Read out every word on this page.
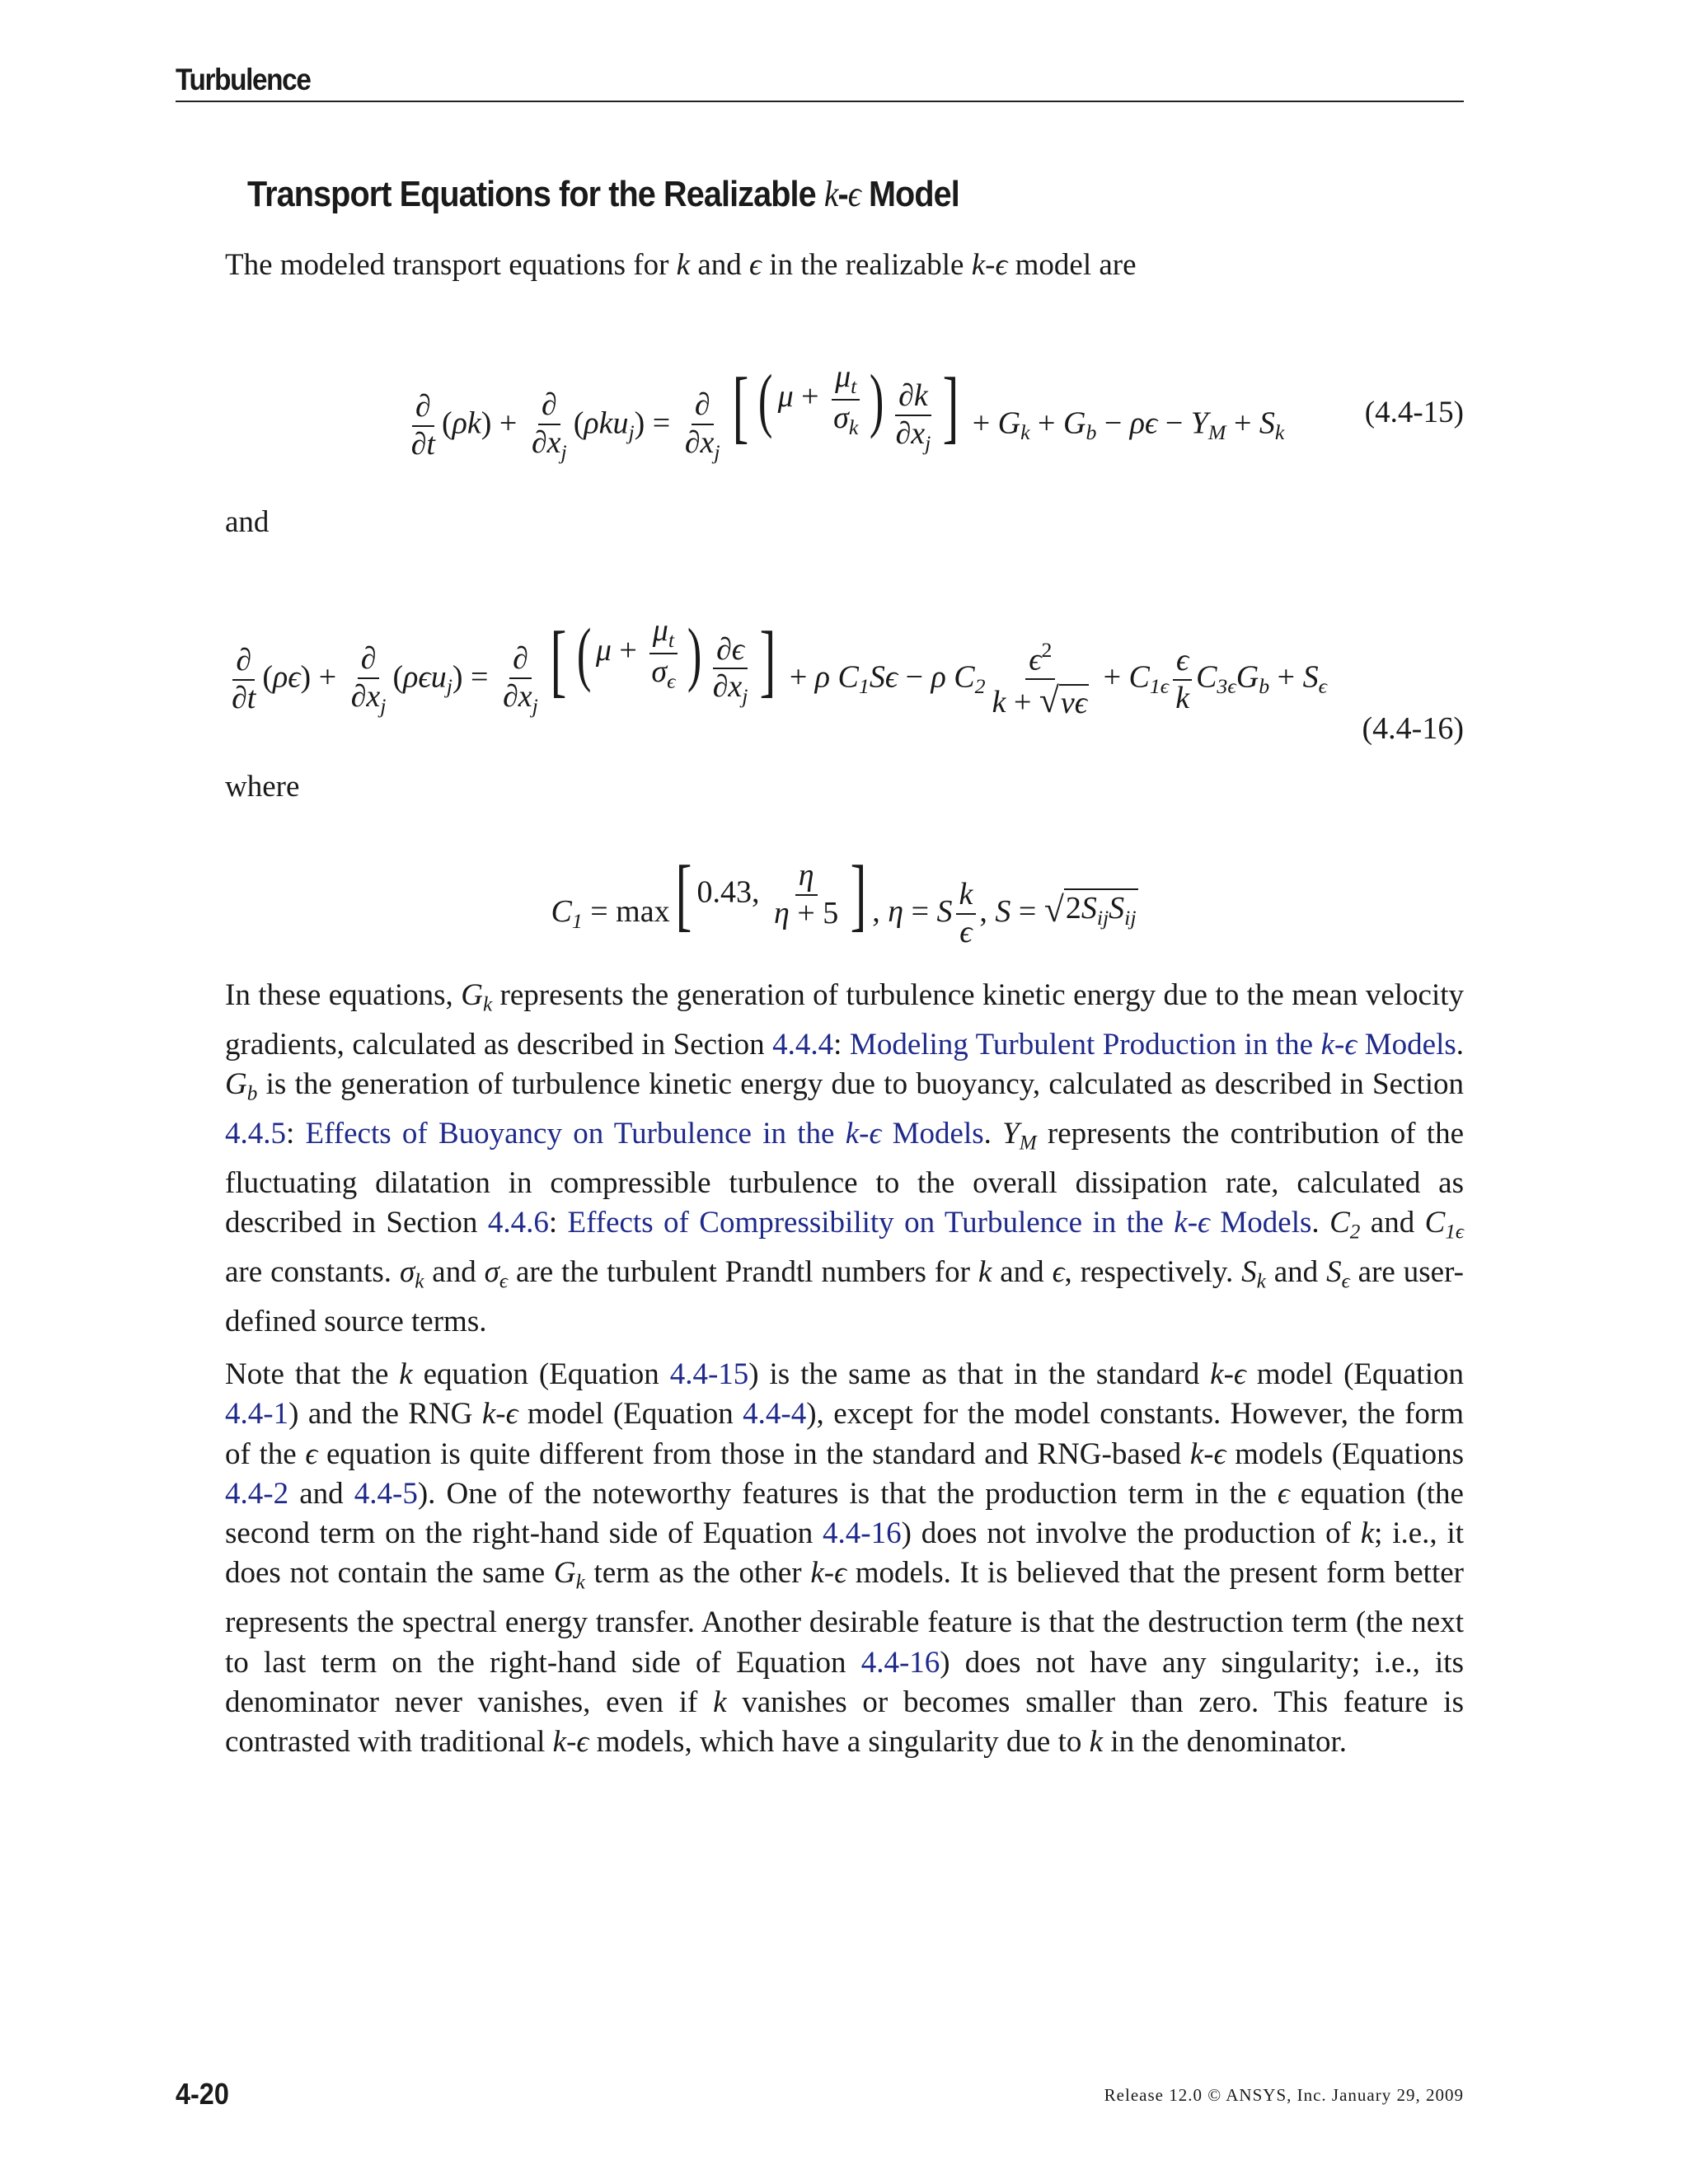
Turbulence
Transport Equations for the Realizable k-ϵ Model
The modeled transport equations for k and ϵ in the realizable k-ϵ model are
$\frac{\partial}{\partial t} (\rho k) + \frac{\partial}{\partial x_j} (\rho ku_j) = \frac{\partial}{\partial x_j}$ [ ( $\mu + \frac{\mu_t}{\sigma_k}$ ) $\frac{\partial k}{\partial x_j}$ ] + $G_k + G_b - \rho\epsilon - Y_M + S_k$
(4.4-15)
and
$\frac{\partial}{\partial t} (\rho\epsilon) + \frac{\partial}{\partial x_j} (\rho\epsilon u_j) = \frac{\partial}{\partial x_j}$ [ ( $\mu + \frac{\mu_t}{\sigma_\epsilon}$ ) $\frac{\partial\epsilon}{\partial x_j}$ ] + ρ $C_1S\epsilon - \rho$ $C_2 \frac{\epsilon^2}{k + √ \nu\epsilon} + C_{1\epsilon} \frac{\epsilon}{k} C_{3\epsilon}G_b + S_\epsilon$
(4.4-16)
where
$C_1 = \max$ [ 0.43, $\frac{\eta}{\eta + 5}$ ] , η = S $\frac{k}{\epsilon}$ , S = √ $2S_{ij}S_{ij}$
In these equations, $G_k$ represents the generation of turbulence kinetic energy due to the mean velocity gradients, calculated as described in Section 4.4.4: Modeling Turbulent Production in the k-ϵ Models. $G_b$ is the generation of turbulence kinetic energy due to buoyancy, calculated as described in Section 4.4.5: Effects of Buoyancy on Turbulence in the k-ϵ Models. $Y_M$ represents the contribution of the fluctuating dilatation in compressible turbulence to the overall dissipation rate, calculated as described in Section 4.4.6: Effects of Compressibility on Turbulence in the k-ϵ Models. $C_2$ and $C_{1\epsilon}$ are constants. $\sigma_k$ and $\sigma_\epsilon$ are the turbulent Prandtl numbers for k and ϵ, respectively. $S_k$ and $S_\epsilon$ are user-defined source terms.
Note that the k equation (Equation 4.4-15) is the same as that in the standard k-ϵ model (Equation 4.4-1) and the RNG k-ϵ model (Equation 4.4-4), except for the model constants. However, the form of the ϵ equation is quite different from those in the standard and RNG-based k-ϵ models (Equations 4.4-2 and 4.4-5). One of the noteworthy features is that the production term in the ϵ equation (the second term on the right-hand side of Equation 4.4-16) does not involve the production of k; i.e., it does not contain the same $G_k$ term as the other k-ϵ models. It is believed that the present form better represents the spectral energy transfer. Another desirable feature is that the destruction term (the next to last term on the right-hand side of Equation 4.4-16) does not have any singularity; i.e., its denominator never vanishes, even if k vanishes or becomes smaller than zero. This feature is contrasted with traditional k-ϵ models, which have a singularity due to k in the denominator.
4-20	Release 12.0 © ANSYS, Inc. January 29, 2009
